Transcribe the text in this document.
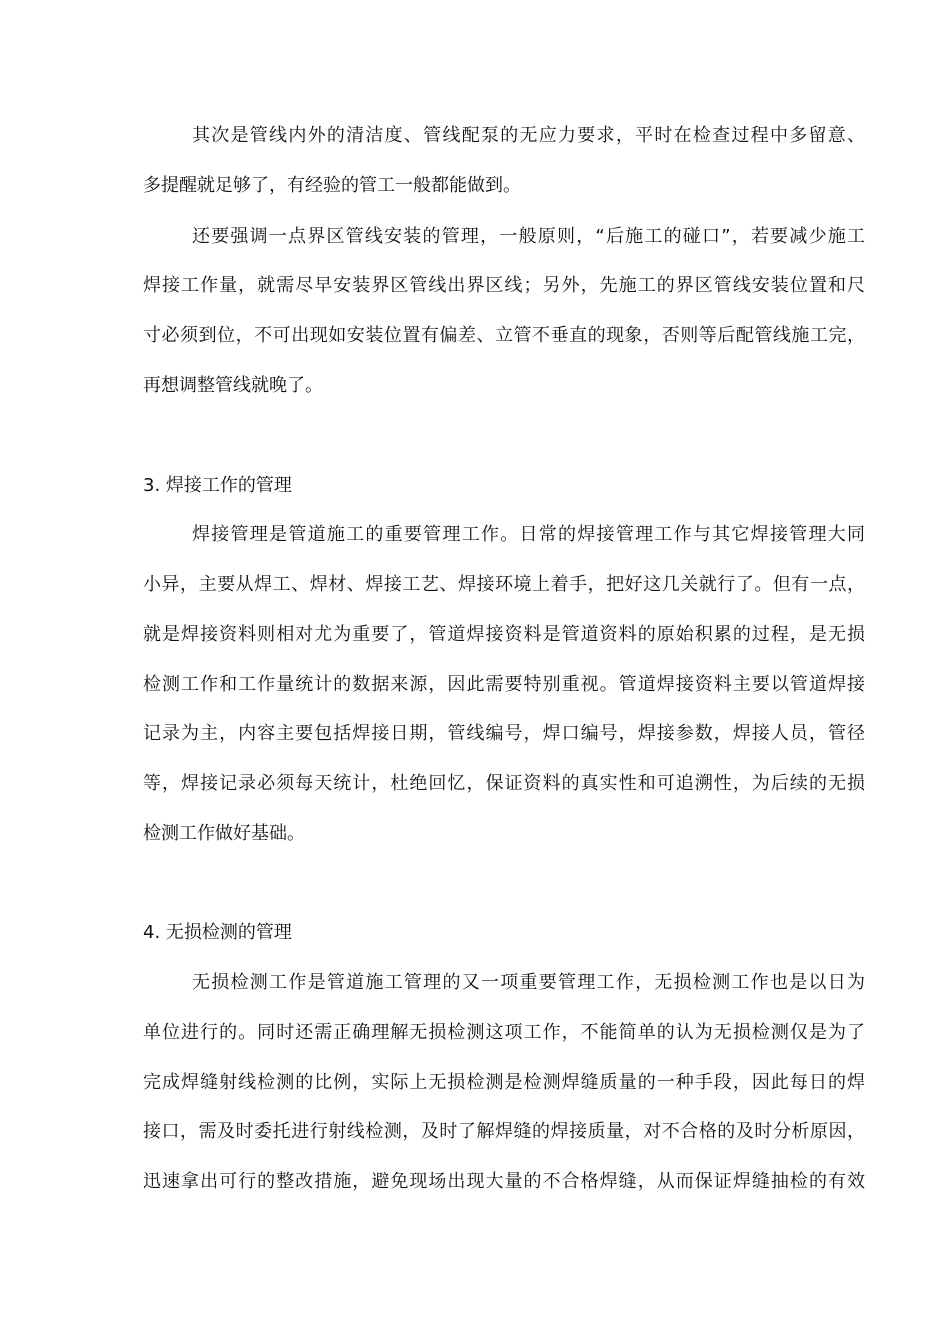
其次是管线内外的清洁度、管线配泵的无应力要求，平时在检查过程中多留意、
多提醒就足够了，有经验的管工一般都能做到。
还要强调一点界区管线安装的管理，一般原则，“后施工的碰口”，若要减少施工
焊接工作量，就需尽早安装界区管线出界区线；另外，先施工的界区管线安装位置和尺
寸必须到位，不可出现如安装位置有偏差、立管不垂直的现象，否则等后配管线施工完，
再想调整管线就晚了。
3. 焊接工作的管理
焊接管理是管道施工的重要管理工作。日常的焊接管理工作与其它焊接管理大同
小异，主要从焊工、焊材、焊接工艺、焊接环境上着手，把好这几关就行了。但有一点，
就是焊接资料则相对尤为重要了，管道焊接资料是管道资料的原始积累的过程，是无损
检测工作和工作量统计的数据来源，因此需要特别重视。管道焊接资料主要以管道焊接
记录为主，内容主要包括焊接日期，管线编号，焊口编号，焊接参数，焊接人员，管径
等，焊接记录必须每天统计，杜绝回忆，保证资料的真实性和可追溯性，为后续的无损
检测工作做好基础。
4. 无损检测的管理
无损检测工作是管道施工管理的又一项重要管理工作，无损检测工作也是以日为
单位进行的。同时还需正确理解无损检测这项工作，不能简单的认为无损检测仅是为了
完成焊缝射线检测的比例，实际上无损检测是检测焊缝质量的一种手段，因此每日的焊
接口，需及时委托进行射线检测，及时了解焊缝的焊接质量，对不合格的及时分析原因，
迅速拿出可行的整改措施，避免现场出现大量的不合格焊缝，从而保证焊缝抽检的有效
